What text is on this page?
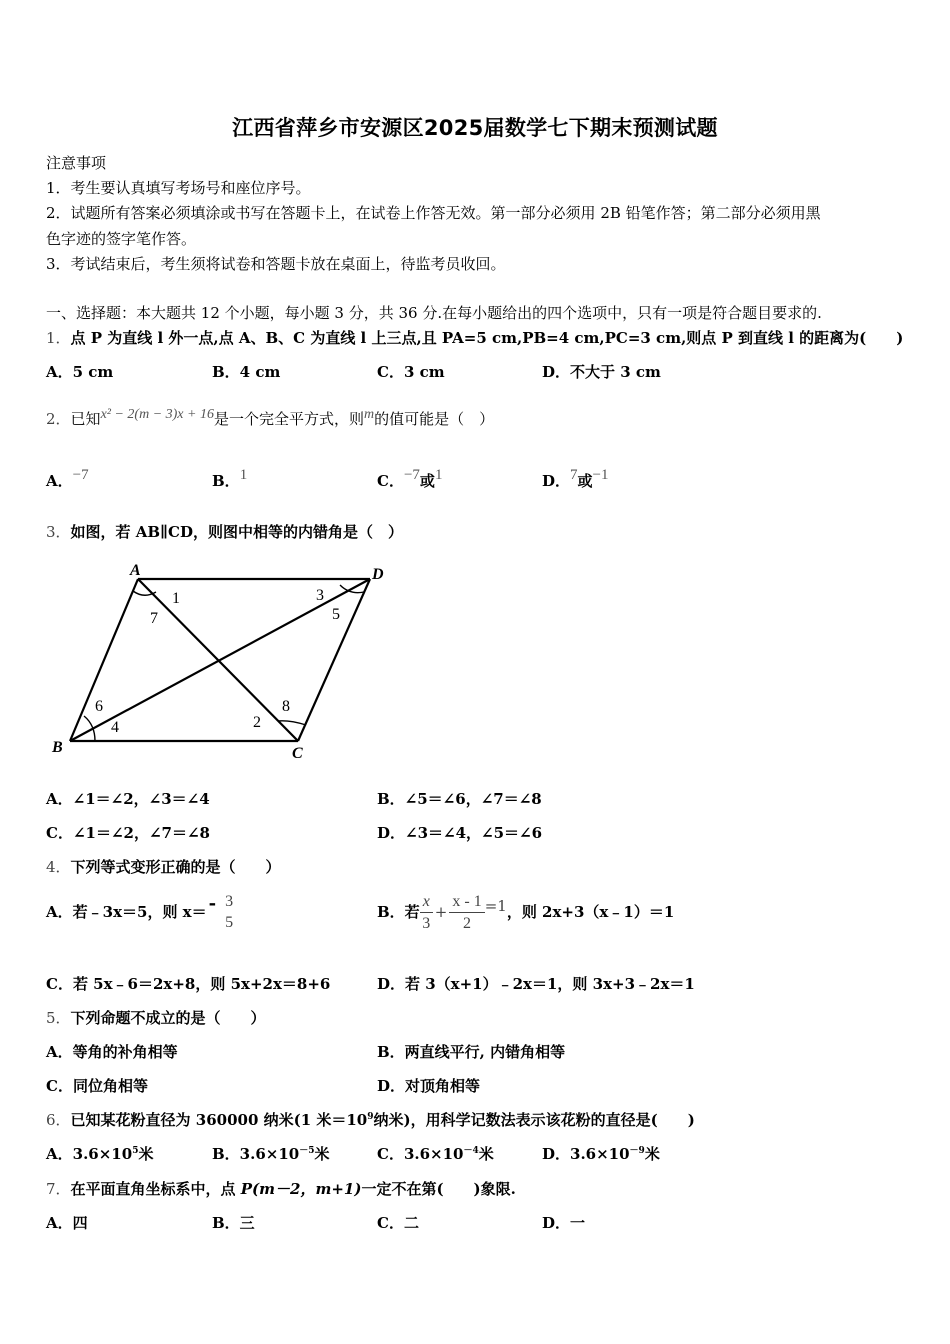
江西省萍乡市安源区2025届数学七下期末预测试题
注意事项
1．考生要认真填写考场号和座位序号。
2．试题所有答案必须填涂或书写在答题卡上，在试卷上作答无效。第一部分必须用 2B 铅笔作答；第二部分必须用黑
色字迹的签字笔作答。
3．考试结束后，考生须将试卷和答题卡放在桌面上，待监考员收回。
一、选择题：本大题共 12 个小题，每小题 3 分，共 36 分.在每小题给出的四个选项中，只有一项是符合题目要求的.
1．点 P 为直线 l 外一点,点 A、B、C 为直线 l 上三点,且 PA=5 cm,PB=4 cm,PC=3 cm,则点 P 到直线 l 的距离为(　　)
A．5 cm	B．4 cm	C．3 cm	D．不大于 3 cm
2．已知x² − 2(m − 3)x + 16是一个完全平方式，则m的值可能是（　）
A．−7	B．1	C．−7或1	D．7或−1
3．如图，若 AB∥CD，则图中相等的内错角是（　）
A
B	C
D
1
2
3
4
5
6
7
8
A．∠1＝∠2，∠3＝∠4	B．∠5＝∠6，∠7＝∠8
C．∠1＝∠2，∠7＝∠8	D．∠3＝∠4，∠5＝∠6
4．下列等式变形正确的是（　　）
A．若﹣3x＝5，则 x＝ - 3
5
B．若 $\frac{x}{3} + \frac{x - 1}{2} =1$，则 2x+3（x﹣1）＝1
C．若 5x﹣6＝2x+8，则 5x+2x＝8+6	D．若 3（x+1）﹣2x＝1，则 3x+3﹣2x＝1
5．下列命题不成立的是（　　）
A．等角的补角相等	B．两直线平行, 内错角相等
C．同位角相等	D．对顶角相等
6．已知某花粉直径为 360000 纳米(1 米$=10^9$纳米)，用科学记数法表示该花粉的直径是(　　)
A．$3.6\times 10^5$米	B．$3.6\times 10^{-5}$米	C．$3.6\times 10^{-4}$米	D．$3.6\times 10^{-9}$米
7．在平面直角坐标系中，点 P(m－2，m+1)一定不在第(　　)象限.
A．四	B．三	C．二	D．一
